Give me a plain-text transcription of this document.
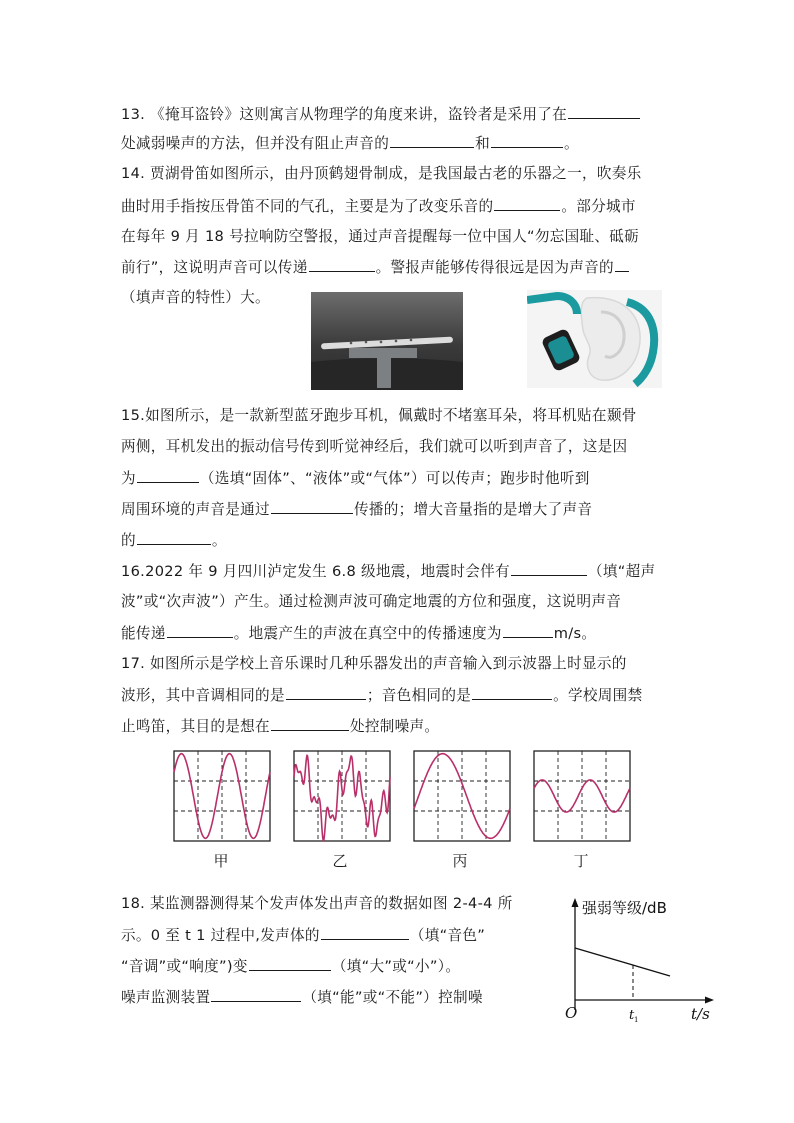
13. 《掩耳盗铃》这则寓言从物理学的角度来讲，盗铃者是采用了在
处减弱噪声的方法，但并没有阻止声音的	和	。
14. 贾湖骨笛如图所示，由丹顶鹤翅骨制成，是我国最古老的乐器之一，吹奏乐
曲时用手指按压骨笛不同的气孔，主要是为了改变乐音的	。部分城市
在每年 9 月 18 号拉响防空警报，通过声音提醒每一位中国人“勿忘国耻、砥砺
前行”，这说明声音可以传递	。警报声能够传得很远是因为声音的
（填声音的特性）大。
15.如图所示，是一款新型蓝牙跑步耳机，佩戴时不堵塞耳朵，将耳机贴在颞骨
两侧，耳机发出的振动信号传到听觉神经后，我们就可以听到声音了，这是因
为	（选填“固体”、“液体”或“气体”）可以传声；跑步时他听到
周围环境的声音是通过	传播的；增大音量指的是增大了声音
的	。
16.2022 年 9 月四川泸定发生 6.8 级地震，地震时会伴有	（填“超声
波”或“次声波”）产生。通过检测声波可确定地震的方位和强度，这说明声音
能传递	。地震产生的声波在真空中的传播速度为	m/s。
17. 如图所示是学校上音乐课时几种乐器发出的声音输入到示波器上时显示的
波形，其中音调相同的是	；音色相同的是	。学校周围禁
止鸣笛，其目的是想在	处控制噪声。
甲	乙	丙	丁
18. 某监测器测得某个发声体发出声音的数据如图 2-4-4 所
示。0 至 t 1 过程中,发声体的	（填“音色”
“音调”或“响度”)变	（填“大”或“小”）。
噪声监测装置	（填“能”或“不能”）控制噪
强弱等级/dB
O	t 1	t/s
